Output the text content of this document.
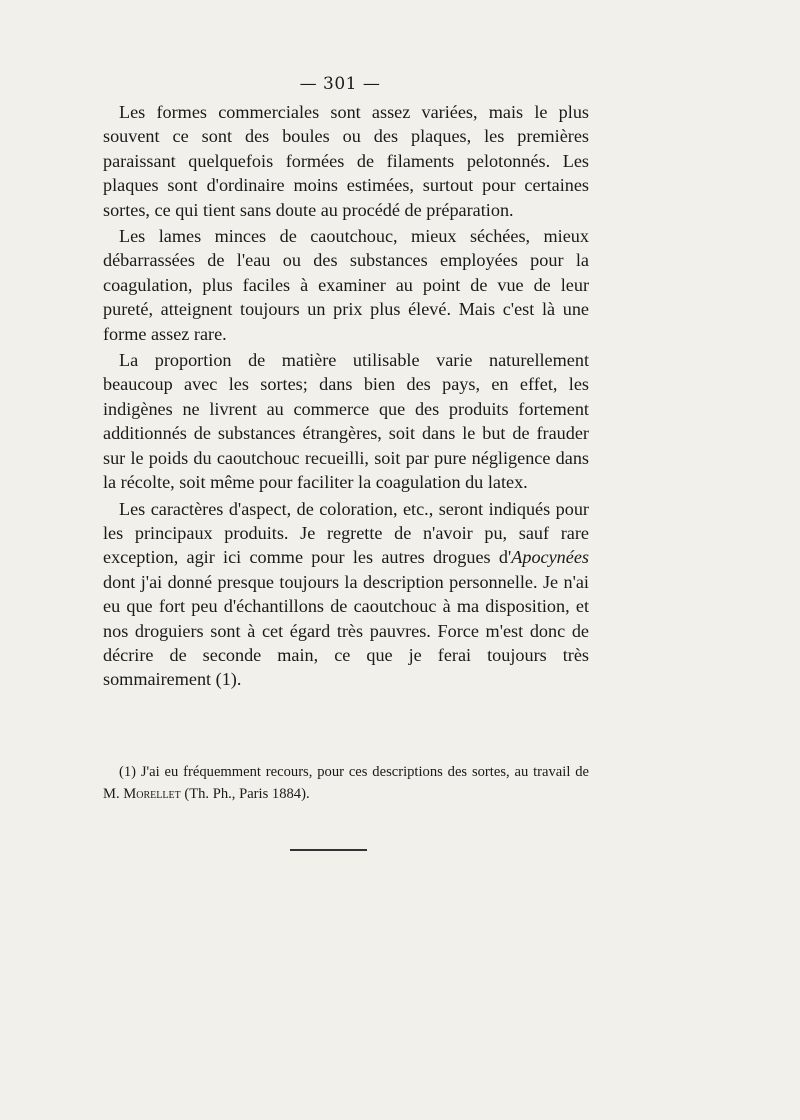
— 301 —

Les formes commerciales sont assez variées, mais le plus souvent ce sont des boules ou des plaques, les premières paraissant quelquefois formées de filaments pelotonnés. Les plaques sont d'ordinaire moins estimées, surtout pour certaines sortes, ce qui tient sans doute au procédé de préparation.

Les lames minces de caoutchouc, mieux séchées, mieux débarrassées de l'eau ou des substances employées pour la coagulation, plus faciles à examiner au point de vue de leur pureté, atteignent toujours un prix plus élevé. Mais c'est là une forme assez rare.

La proportion de matière utilisable varie naturellement beaucoup avec les sortes; dans bien des pays, en effet, les indigènes ne livrent au commerce que des produits fortement additionnés de substances étrangères, soit dans le but de frauder sur le poids du caoutchouc recueilli, soit par pure négligence dans la récolte, soit même pour faciliter la coagulation du latex.

Les caractères d'aspect, de coloration, etc., seront indiqués pour les principaux produits. Je regrette de n'avoir pu, sauf rare exception, agir ici comme pour les autres drogues d'Apocynées dont j'ai donné presque toujours la description personnelle. Je n'ai eu que fort peu d'échantillons de caoutchouc à ma disposition, et nos droguiers sont à cet égard très pauvres. Force m'est donc de décrire de seconde main, ce que je ferai toujours très sommairement (1).

(1) J'ai eu fréquemment recours, pour ces descriptions des sortes, au travail de M. Morellet (Th. Ph., Paris 1884).
